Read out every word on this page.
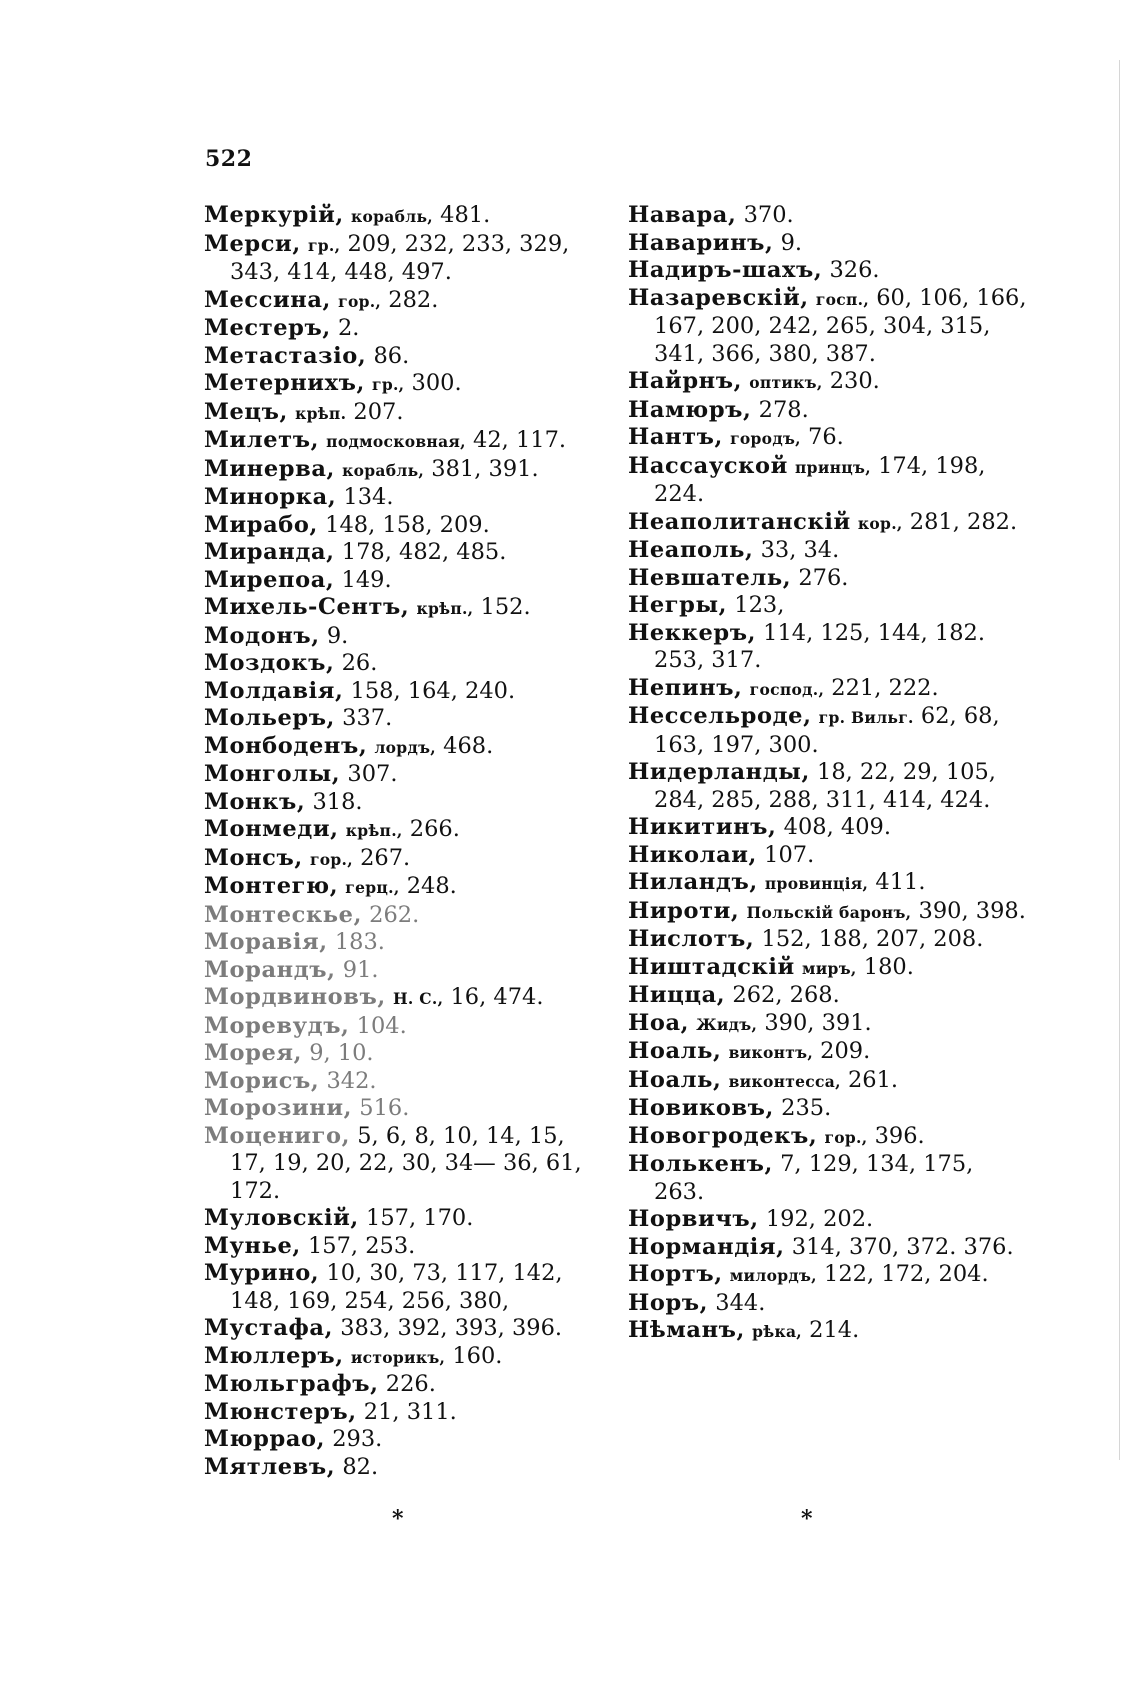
522

Меркурій, корабль, 481.

Мерси, гр., 209, 232, 233, 329, 343, 414, 448, 497.

Мессина, гор., 282.

Местеръ, 2.

Метастазіо, 86.

Метернихъ, гр., 300.

Мецъ, крѣп. 207.

Милетъ, подмосковная, 42, 117.

Минерва, корабль, 381, 391.

Минорка, 134.

Мирабо, 148, 158, 209.

Миранда, 178, 482, 485.

Мирепоа, 149.

Михель-Сентъ, крѣп., 152.

Модонъ, 9.

Моздокъ, 26.

Молдавія, 158, 164, 240.

Мольеръ, 337.

Монбоденъ, лордъ, 468.

Монголы, 307.

Монкъ, 318.

Монмеди, крѣп., 266.

Монсъ, гор., 267.

Монтегю, герц., 248.

Монтескье, 262.

Моравія, 183.

Морандъ, 91.

Мордвиновъ, Н. С., 16, 474.

Моревудъ, 104.

Морея, 9, 10.

Морисъ, 342.

Морозини, 516.

Моцениго, 5, 6, 8, 10, 14, 15, 17, 19, 20, 22, 30, 34— 36, 61, 172.

Муловскій, 157, 170.

Мунье, 157, 253.

Мурино, 10, 30, 73, 117, 142, 148, 169, 254, 256, 380,

Мустафа, 383, 392, 393, 396.

Мюллеръ, историкъ, 160.

Мюльграфъ, 226.

Мюнстеръ, 21, 311.

Мюррао, 293.

Мятлевъ, 82.

Навара, 370.

Наваринъ, 9.

Надиръ-шахъ, 326.

Назаревскій, госп., 60, 106, 166, 167, 200, 242, 265, 304, 315, 341, 366, 380, 387.

Найрнъ, оптикъ, 230.

Намюръ, 278.

Нантъ, городъ, 76.

Нассауской принцъ, 174, 198, 224.

Неаполитанскій кор., 281, 282.

Неаполь, 33, 34.

Невшатель, 276.

Негры, 123,

Неккеръ, 114, 125, 144, 182. 253, 317.

Непинъ, господ., 221, 222.

Нессельроде, гр. Вильг. 62, 68, 163, 197, 300.

Нидерланды, 18, 22, 29, 105, 284, 285, 288, 311, 414, 424.

Никитинъ, 408, 409.

Николаи, 107.

Ниландъ, провинція, 411.

Нироти, Польскій баронъ, 390, 398.

Нислотъ, 152, 188, 207, 208.

Ништадскій миръ, 180.

Ницца, 262, 268.

Ноа, Жидъ, 390, 391.

Ноаль, виконтъ, 209.

Ноаль, виконтесса, 261.

Новиковъ, 235.

Новогродекъ, гор., 396.

Нолькенъ, 7, 129, 134, 175, 263.

Норвичъ, 192, 202.

Нормандія, 314, 370, 372. 376.

Нортъ, милордъ, 122, 172, 204.

Норъ, 344.

Нѣманъ, рѣка, 214.

*	*
